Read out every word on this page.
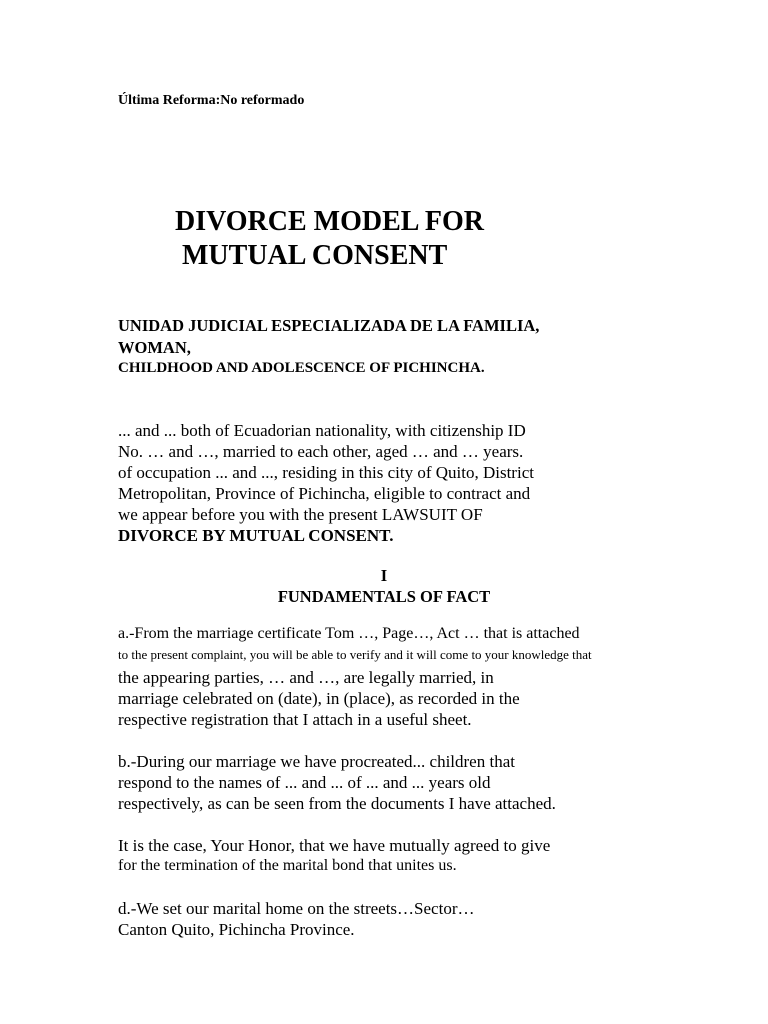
Última Reforma:No reformado

DIVORCE MODEL FOR

MUTUAL CONSENT

UNIDAD JUDICIAL ESPECIALIZADA DE LA FAMILIA,

WOMAN,

CHILDHOOD AND ADOLESCENCE OF PICHINCHA.

... and ... both of Ecuadorian nationality, with citizenship ID

No. … and …, married to each other, aged … and … years.

of occupation ... and ..., residing in this city of Quito, District

Metropolitan, Province of Pichincha, eligible to contract and

we appear before you with the present LAWSUIT OF

DIVORCE BY MUTUAL CONSENT.

I

FUNDAMENTALS OF FACT

a.-From the marriage certificate Tom …, Page…, Act … that is attached

to the present complaint, you will be able to verify and it will come to your knowledge that

the appearing parties, … and …, are legally married, in

marriage celebrated on (date), in (place), as recorded in the

respective registration that I attach in a useful sheet.

b.-During our marriage we have procreated... children that

respond to the names of ... and ... of ... and ... years old

respectively, as can be seen from the documents I have attached.

It is the case, Your Honor, that we have mutually agreed to give

for the termination of the marital bond that unites us.

d.-We set our marital home on the streets…Sector…

Canton Quito, Pichincha Province.
